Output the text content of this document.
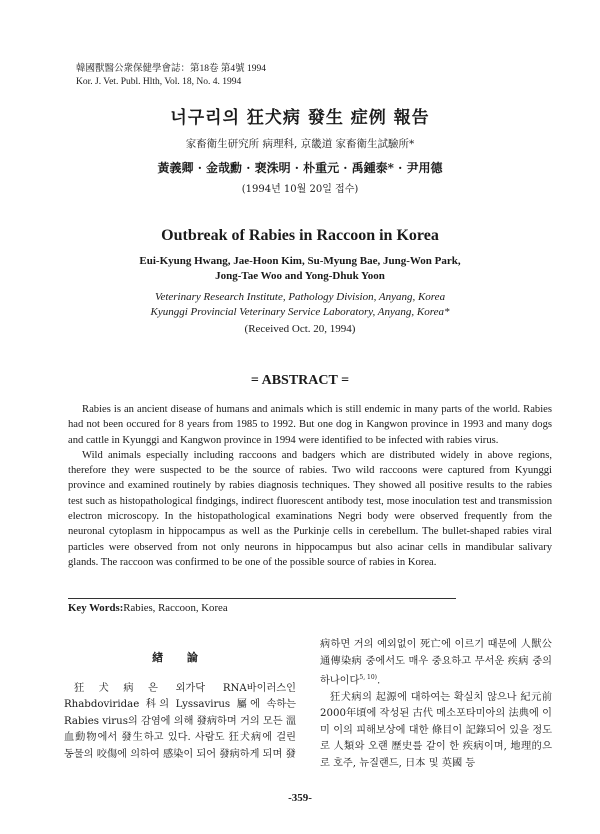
韓國獸醫公衆保健學會誌：第18卷 第4號 1994
Kor. J. Vet. Publ. Hlth, Vol. 18, No. 4. 1994
너구리의 狂犬病 發生 症例 報告
家畜衛生研究所 病理科, 京畿道 家畜衛生試驗所*
黃義卿 · 金哉勳 · 裵洙明 · 朴重元 · 禹鍾泰* · 尹用德
(1994년 10월 20일 접수)
Outbreak of Rabies in Raccoon in Korea
Eui-Kyung Hwang, Jae-Hoon Kim, Su-Myung Bae, Jung-Won Park,
Jong-Tae Woo and Yong-Dhuk Yoon
Veterinary Research Institute, Pathology Division, Anyang, Korea
Kyunggi Provincial Veterinary Service Laboratory, Anyang, Korea*
(Received Oct. 20, 1994)
= ABSTRACT =

Rabies is an ancient disease of humans and animals which is still endemic in many parts of the world. Rabies had not been occured for 8 years from 1985 to 1992. But one dog in Kangwon province in 1993 and many dogs and cattle in Kyunggi and Kangwon province in 1994 were identified to be infected with rabies virus.

Wild animals especially including raccoons and badgers which are distributed widely in above regions, therefore they were suspected to be the source of rabies. Two wild raccoons were captured from Kyunggi province and examined routinely by rabies diagnosis techniques. They showed all positive results to the rabies test such as histopathological findgings, indirect fluorescent antibody test, mose inoculation test and transmission electron microscopy. In the histopathological examinations Negri body were observed frequently from the neuronal cytoplasm in hippocampus as well as the Purkinje cells in cerebellum. The bullet-shaped rabies viral particles were observed from not only neurons in hippocampus but also acinar cells in mandibular salivary glands. The raccoon was confirmed to be one of the possible source of rabies in Korea.

Key Words:Rabies, Raccoon, Korea

緖 論

狂犬病은 외가닥 RNA바이러스인 Rhabdoviridae 科의 Lyssavirus 屬에 속하는 Rabies virus의 감염에 의해 發病하며 거의 모든 溫血動物에서 發生하고 있다. 사람도 狂犬病에 걸린 동물의 咬傷에 의하여 感染이 되어 發病하게 되며 發

病하면 거의 예외없이 死亡에 이르기 때문에 人獸公通傳染病 중에서도 매우 중요하고 무서운 疾病 중의 하나이다$^{5, 10)}$.

狂犬病의 起源에 대하여는 확실치 않으나 紀元前 2000年頃에 작성된 古代 메소포타미아의 法典에 이미 이의 피해보상에 대한 條目이 記錄되어 있을 정도로 人類와 오랜 歷史를 같이 한 疾病이며, 地理的으로 호주, 뉴질랜드, 日本 및 英國 등

-359-
